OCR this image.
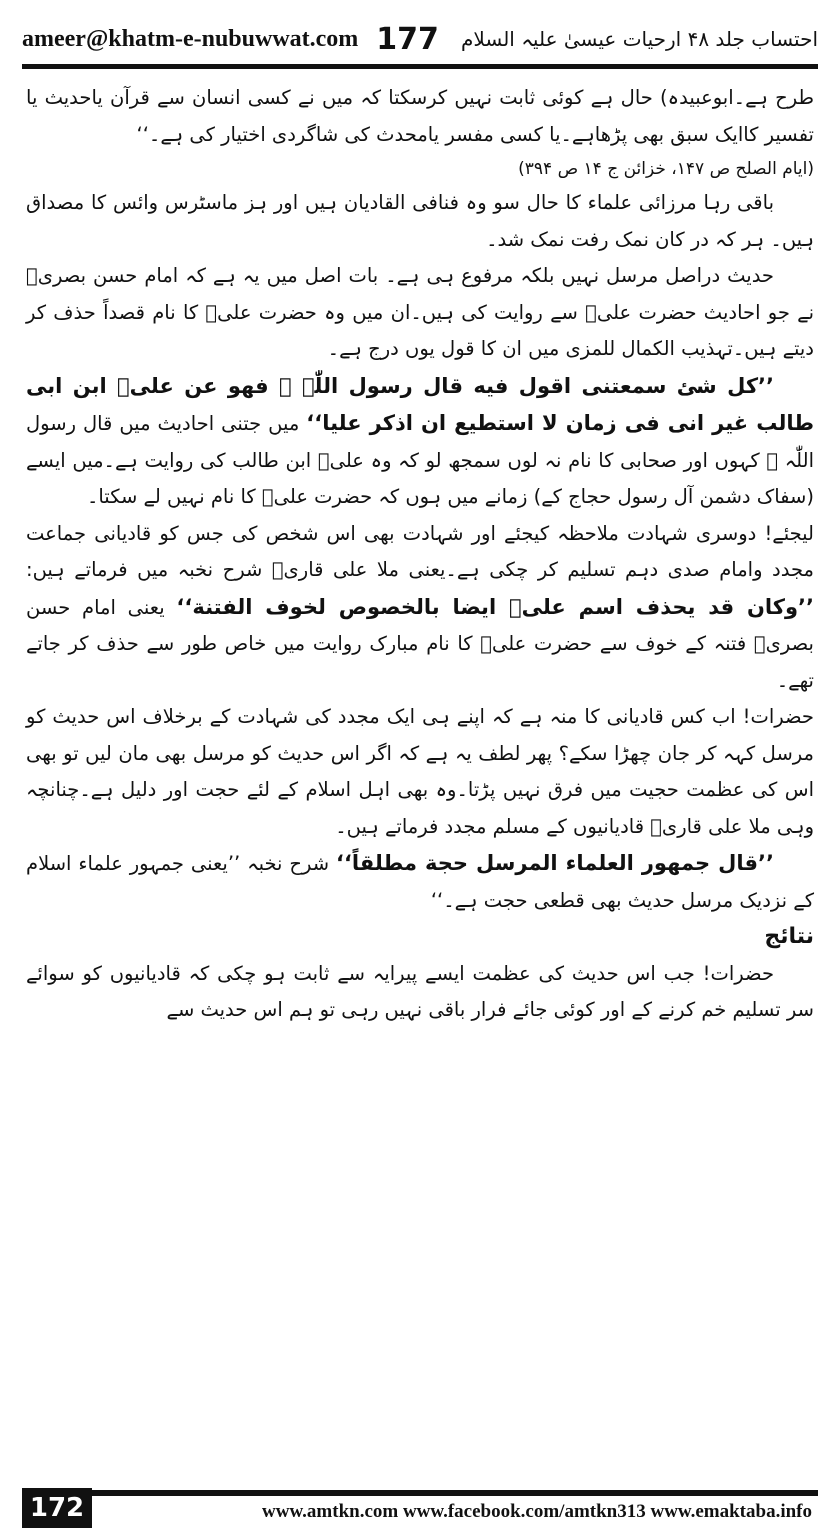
ameer@khatm-e-nubuwwat.com 177 احتساب جلد ۴۸ ارحیات عیسیٰ علیہ السلام

طرح ہے۔ابوعبیدہ) حال ہے کوئی ثابت نہیں کرسکتا کہ میں نے کسی انسان سے قرآن یاحدیث یا تفسیر کاایک سبق بھی پڑھاہے۔یا کسی مفسر یامحدث کی شاگردی اختیار کی ہے۔‘‘

(ایام الصلح ص ۱۴۷، خزائن ج ۱۴ ص ۳۹۴)

باقی رہا مرزائی علماء کا حال سو وہ فنافی القادیان ہیں اور ہز ماسٹرس وائس کا مصداق ہیں۔ ہر کہ در کان نمک رفت نمک شد۔

حدیث دراصل مرسل نہیں بلکہ مرفوع ہی ہے۔ بات اصل میں یہ ہے کہ امام حسن بصریؒ نے جو احادیث حضرت علیؓ سے روایت کی ہیں۔ان میں وہ حضرت علیؓ کا نام قصداً حذف کر دیتے ہیں۔تہذیب الکمال للمزی میں ان کا قول یوں درج ہے۔

’’کل شئ سمعتنی اقول فیه قال رسول اللّٰہ ﷺ فهو عن علیؓ ابن ابی طالب غیر انی فی زمان لا استطیع ان اذکر علیا‘‘ میں جتنی احادیث میں قال رسول اللّٰہ ﷺ کہوں اور صحابی کا نام نہ لوں سمجھ لو کہ وہ علیؓ ابن طالب کی روایت ہے۔میں ایسے (سفاک دشمن آل رسول حجاج کے) زمانے میں ہوں کہ حضرت علیؓ کا نام نہیں لے سکتا۔

لیجئے! دوسری شہادت ملاحظہ کیجئے اور شہادت بھی اس شخص کی جس کو قادیانی جماعت مجدد وامام صدی دہم تسلیم کر چکی ہے۔یعنی ملا علی قاریؒ شرح نخبہ میں فرماتے ہیں: ’’وکان قد یحذف اسم علیؓ ایضا بالخصوص لخوف الفتنة‘‘ یعنی امام حسن بصریؒ فتنہ کے خوف سے حضرت علیؓ کا نام مبارک روایت میں خاص طور سے حذف کر جاتے تھے۔

حضرات! اب کس قادیانی کا منہ ہے کہ اپنے ہی ایک مجدد کی شہادت کے برخلاف اس حدیث کو مرسل کہہ کر جان چھڑا سکے؟ پھر لطف یہ ہے کہ اگر اس حدیث کو مرسل بھی مان لیں تو بھی اس کی عظمت حجیت میں فرق نہیں پڑتا۔وہ بھی اہل اسلام کے لئے حجت اور دلیل ہے۔چنانچہ وہی ملا علی قاریؒ قادیانیوں کے مسلم مجدد فرماتے ہیں۔

’’قال جمهور العلماء المرسل حجة مطلقاً‘‘ شرح نخبہ ’’یعنی جمہور علماء اسلام کے نزدیک مرسل حدیث بھی قطعی حجت ہے۔‘‘

نتائج

حضرات! جب اس حدیث کی عظمت ایسے پیرایہ سے ثابت ہو چکی کہ قادیانیوں کو سوائے سر تسلیم خم کرنے کے اور کوئی جائے فرار باقی نہیں رہی تو ہم اس حدیث سے

172	www.amtkn.com www.facebook.com/amtkn313 www.emaktaba.info
